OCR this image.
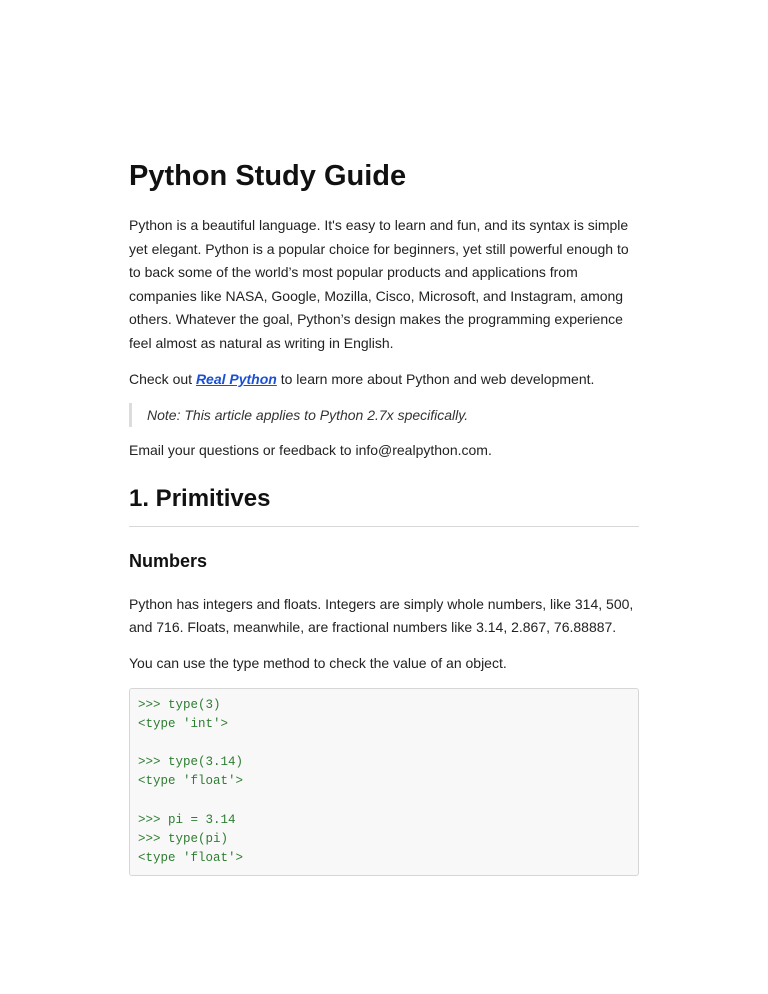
Python Study Guide

Python is a beautiful language. It's easy to learn and fun, and its syntax is simple yet elegant. Python is a popular choice for beginners, yet still powerful enough to to back some of the world’s most popular products and applications from companies like NASA, Google, Mozilla, Cisco, Microsoft, and Instagram, among others. Whatever the goal, Python’s design makes the programming experience feel almost as natural as writing in English.

Check out Real Python to learn more about Python and web development.

Note: This article applies to Python 2.7x specifically.

Email your questions or feedback to info@realpython.com.

1. Primitives
Numbers

Python has integers and floats. Integers are simply whole numbers, like 314, 500, and 716. Floats, meanwhile, are fractional numbers like 3.14, 2.867, 76.88887.

You can use the type method to check the value of an object.

>>> type(3)
<type 'int'>
>>> type(3.14)
<type 'float'>
>>> pi = 3.14
>>> type(pi)
<type 'float'>
